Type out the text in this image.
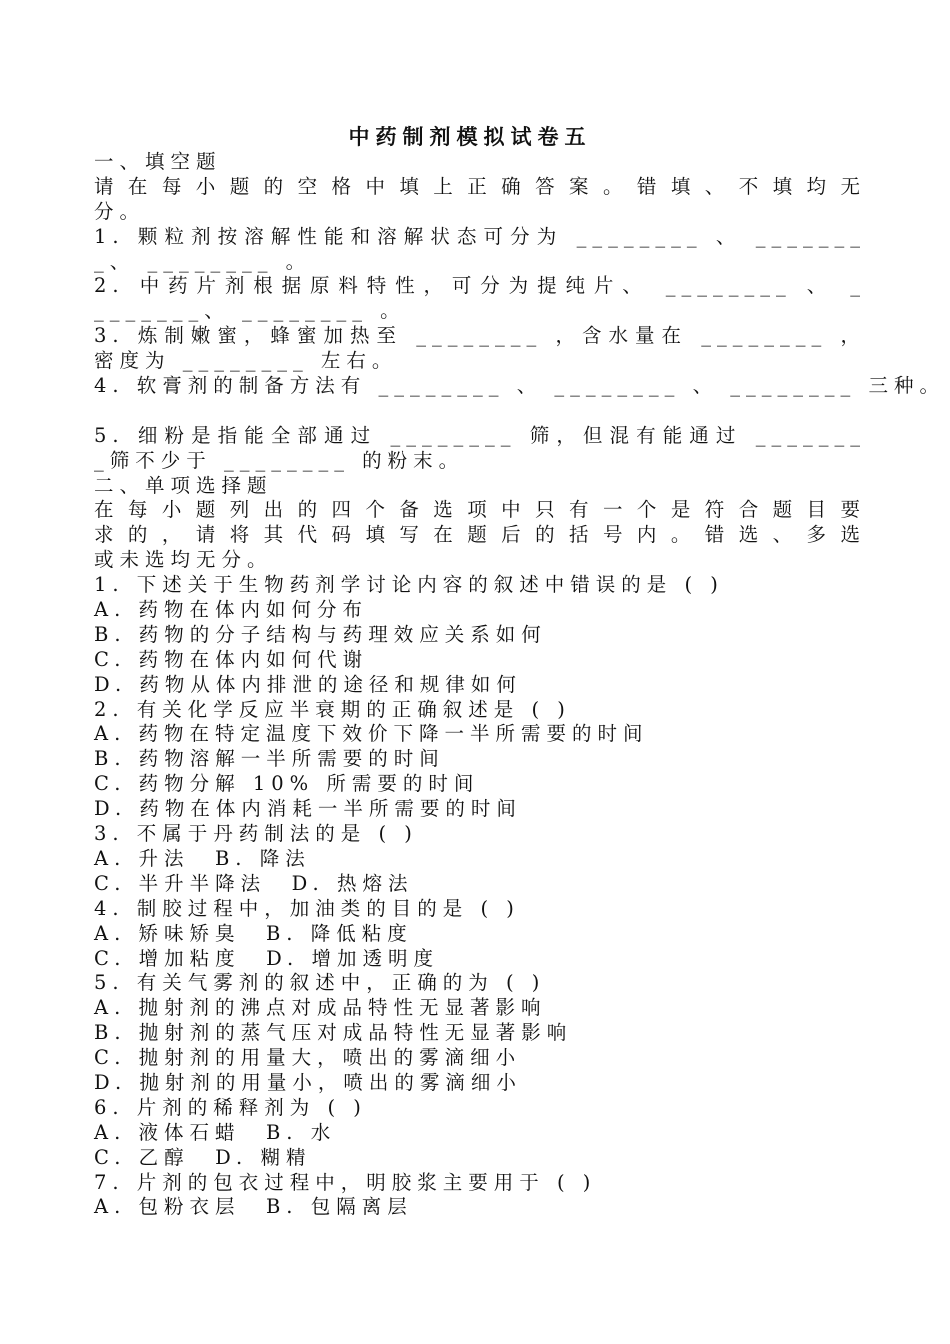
中药制剂模拟试卷五
一、填空题
请在每小题的空格中填上正确答案。错填、不填均无
分。
1. 颗粒剂按溶解性能和溶解状态可分为 ________ 、 _______
_、 ________ 。
2. 中药片剂根据原料特性，可分为提纯片、 ________ 、 _
_______、 ________ 。
3. 炼制嫩蜜，蜂蜜加热至 ________ ，含水量在 ________ ，
密度为 ________ 左右。
4. 软膏剂的制备方法有 ________ 、 ________ 、 ________ 三种。
5. 细粉是指能全部通过 ________ 筛，但混有能通过 _______
_筛不少于 ________ 的粉末。
二、单项选择题
在每小题列出的四个备选项中只有一个是符合题目要
求的，请将其代码填写在题后的括号内。错选、多选
或未选均无分。
1. 下述关于生物药剂学讨论内容的叙述中错误的是 ( )
A. 药物在体内如何分布
B. 药物的分子结构与药理效应关系如何
C. 药物在体内如何代谢
D. 药物从体内排泄的途径和规律如何
2. 有关化学反应半衰期的正确叙述是 ( )
A. 药物在特定温度下效价下降一半所需要的时间
B. 药物溶解一半所需要的时间
C. 药物分解 10% 所需要的时间
D. 药物在体内消耗一半所需要的时间
3. 不属于丹药制法的是 ( )
A. 升法　B. 降法
C. 半升半降法　D. 热熔法
4. 制胶过程中，加油类的目的是 ( )
A. 矫味矫臭　B. 降低粘度
C. 增加粘度　D. 增加透明度
5. 有关气雾剂的叙述中，正确的为 ( )
A. 抛射剂的沸点对成品特性无显著影响
B. 抛射剂的蒸气压对成品特性无显著影响
C. 抛射剂的用量大，喷出的雾滴细小
D. 抛射剂的用量小，喷出的雾滴细小
6. 片剂的稀释剂为 ( )
A. 液体石蜡　B. 水
C. 乙醇　D. 糊精
7. 片剂的包衣过程中，明胶浆主要用于 ( )
A. 包粉衣层　B. 包隔离层
